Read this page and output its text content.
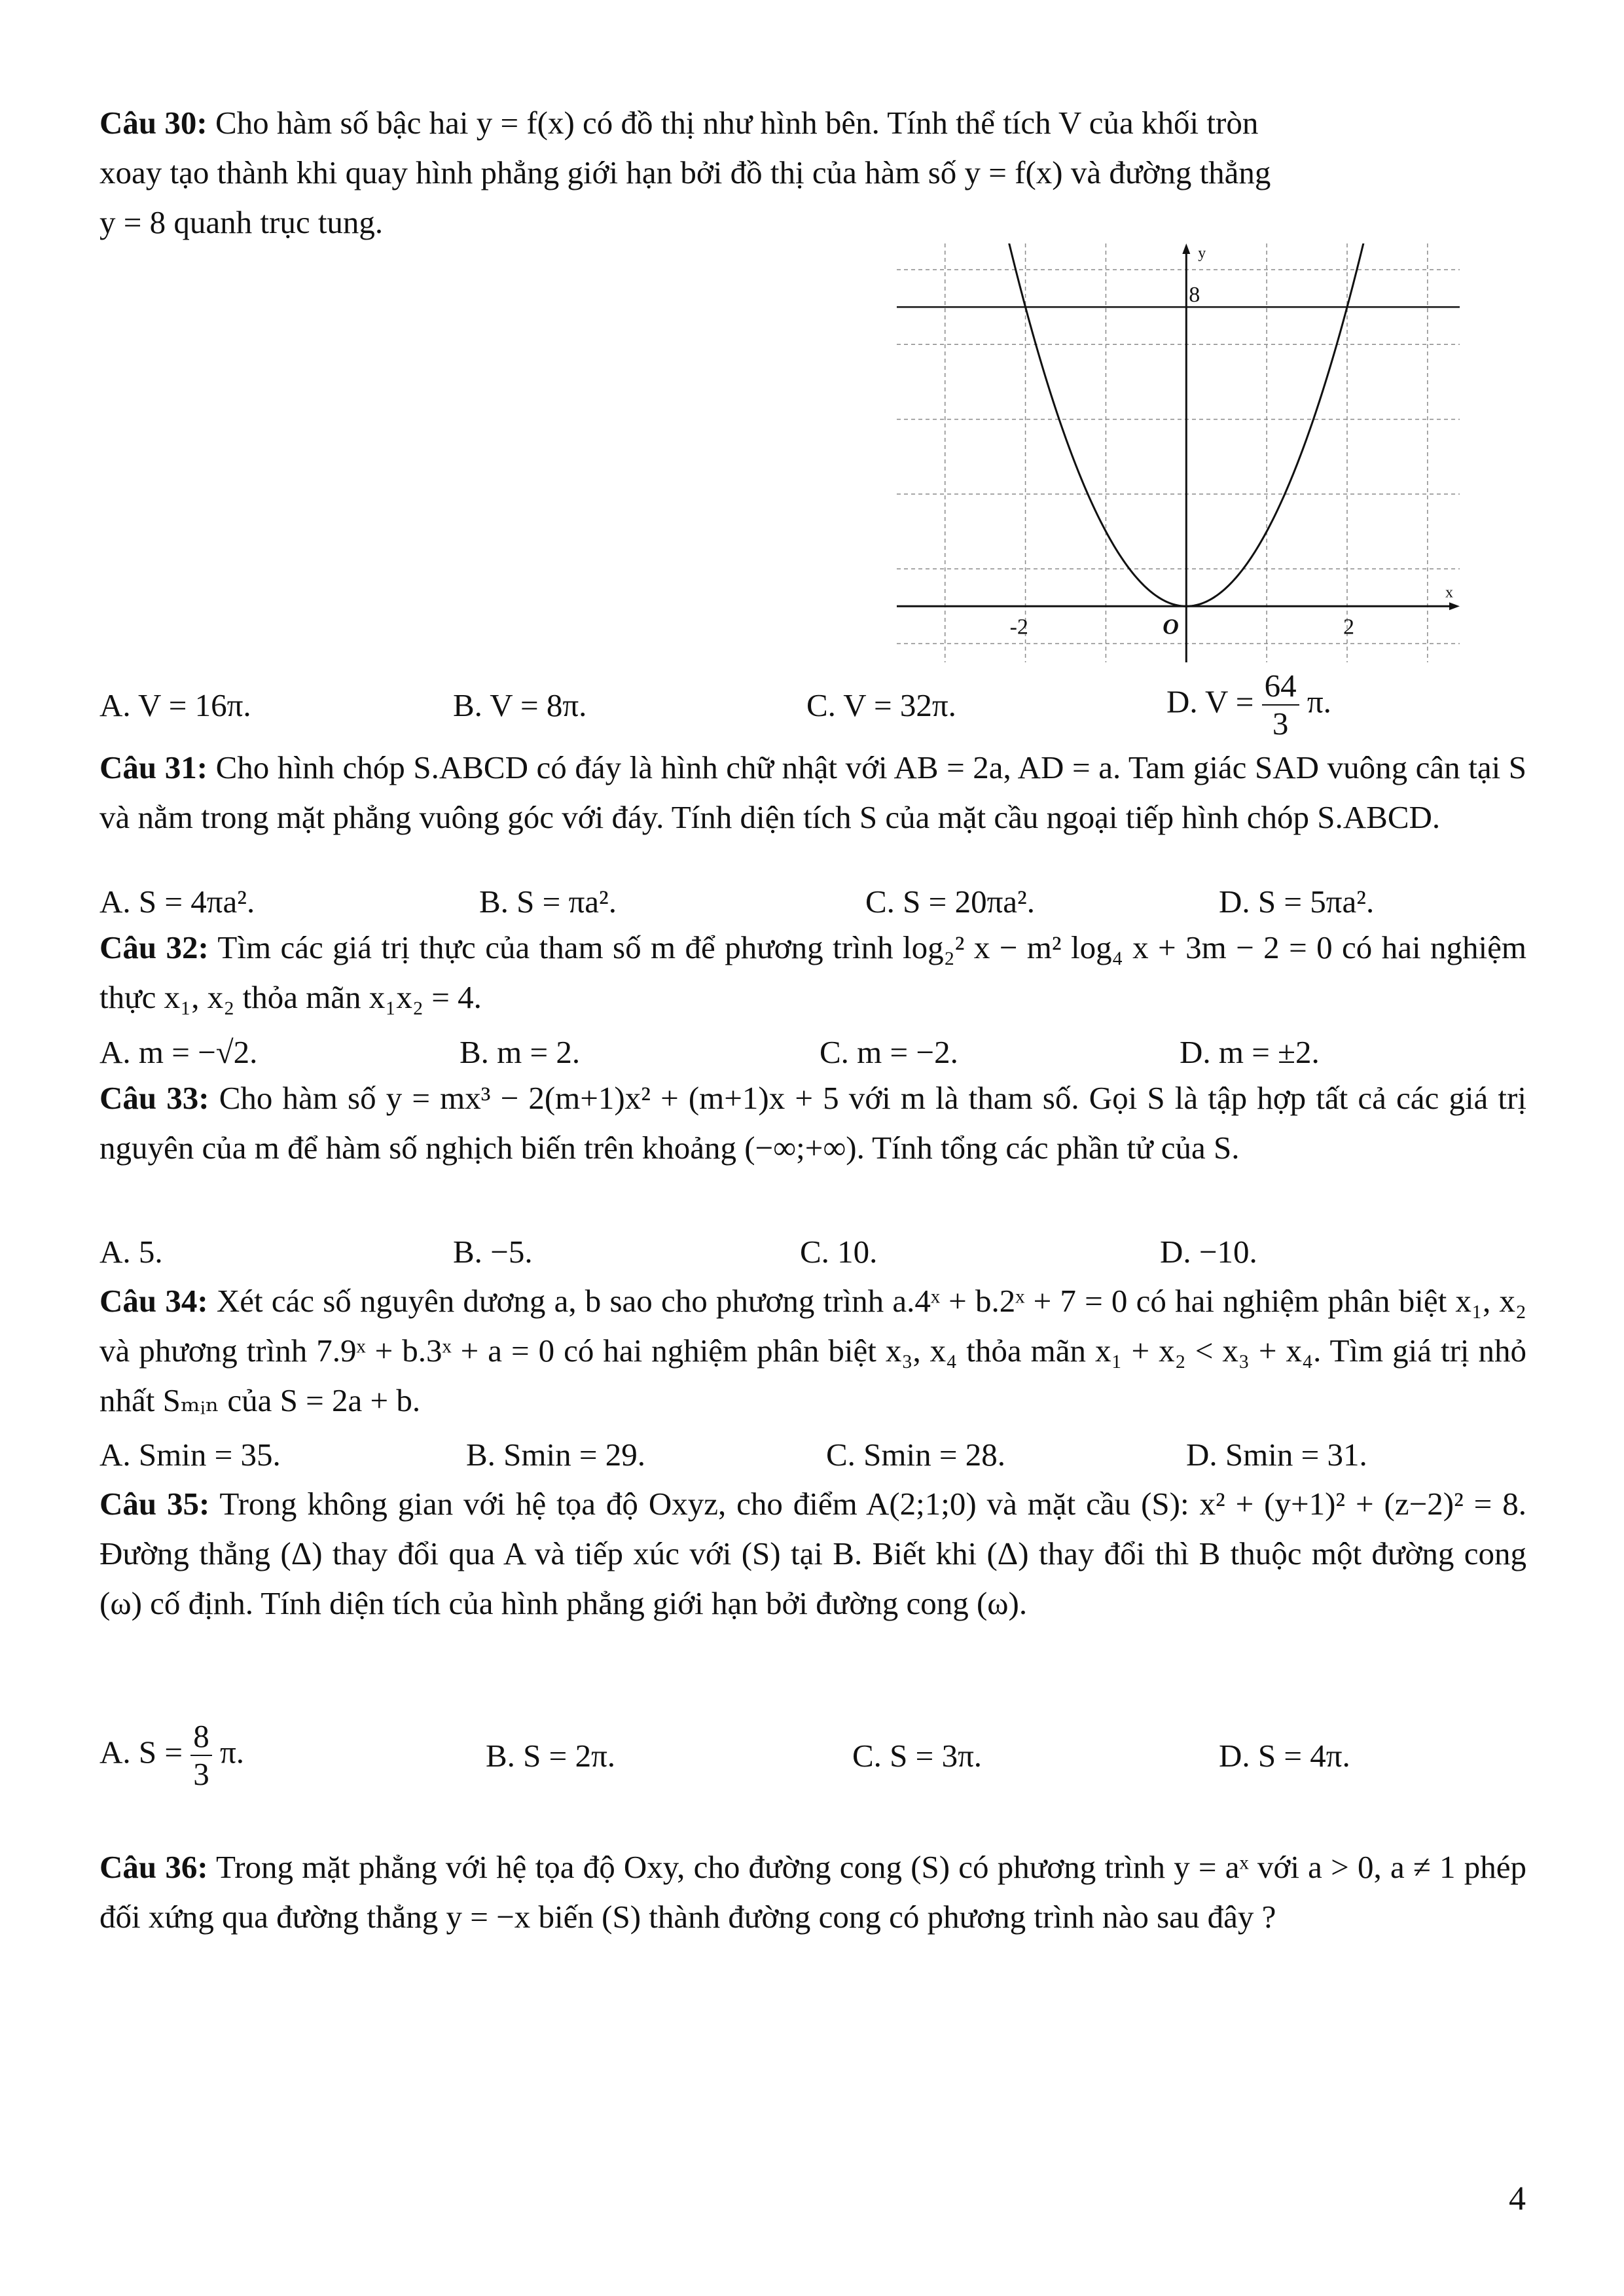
Câu 30: Cho hàm số bậc hai y = f(x) có đồ thị như hình bên. Tính thể tích V của khối tròn

xoay tạo thành khi quay hình phẳng giới hạn bởi đồ thị của hàm số y = f(x) và đường thẳng

y = 8 quanh trục tung.

-2	O	2
8
x
y
A. V = 16π.	B. V = 8π.	C. V = 32π.	D. $V = \frac{64}{3} \pi$.

Câu 31: Cho hình chóp S.ABCD có đáy là hình chữ nhật với AB = 2a, AD = a. Tam giác SAD vuông cân tại S và nằm trong mặt phẳng vuông góc với đáy. Tính diện tích S của mặt cầu ngoại tiếp hình chóp S.ABCD.

A. S = 4πa².	B. S = πa².	C. S = 20πa².	D. S = 5πa².

Câu 32: Tìm các giá trị thực của tham số m để phương trình log₂² x − m² log₄ x + 3m − 2 = 0 có hai nghiệm thực x₁, x₂ thỏa mãn x₁x₂ = 4.

A. m = −√2.	B. m = 2.	C. m = −2.	D. m = ±2.

Câu 33: Cho hàm số y = mx³ − 2(m+1)x² + (m+1)x + 5 với m là tham số. Gọi S là tập hợp tất cả các giá trị nguyên của m để hàm số nghịch biến trên khoảng (−∞;+∞). Tính tổng các phần tử của S.

A. 5.	B. −5.	C. 10.	D. −10.

Câu 34: Xét các số nguyên dương a, b sao cho phương trình a.4ˣ + b.2ˣ + 7 = 0 có hai nghiệm phân biệt x₁, x₂ và phương trình 7.9ˣ + b.3ˣ + a = 0 có hai nghiệm phân biệt x₃, x₄ thỏa mãn x₁ + x₂ < x₃ + x₄. Tìm giá trị nhỏ nhất Sₘᵢₙ của S = 2a + b.

A. Smin = 35.	B. Smin = 29.	C. Smin = 28.	D. Smin = 31.

Câu 35: Trong không gian với hệ tọa độ Oxyz, cho điểm A(2;1;0) và mặt cầu (S): x² + (y+1)² + (z−2)² = 8. Đường thẳng (Δ) thay đổi qua A và tiếp xúc với (S) tại B. Biết khi (Δ) thay đổi thì B thuộc một đường cong (ω) cố định. Tính diện tích của hình phẳng giới hạn bởi đường cong (ω).

A. $S = \frac{8}{3} \pi$.	B. S = 2π.	C. S = 3π.	D. S = 4π.

Câu 36: Trong mặt phẳng với hệ tọa độ Oxy, cho đường cong (S) có phương trình y = aˣ với a > 0, a ≠ 1 phép đối xứng qua đường thẳng y = −x biến (S) thành đường cong có phương trình nào sau đây ?

4
